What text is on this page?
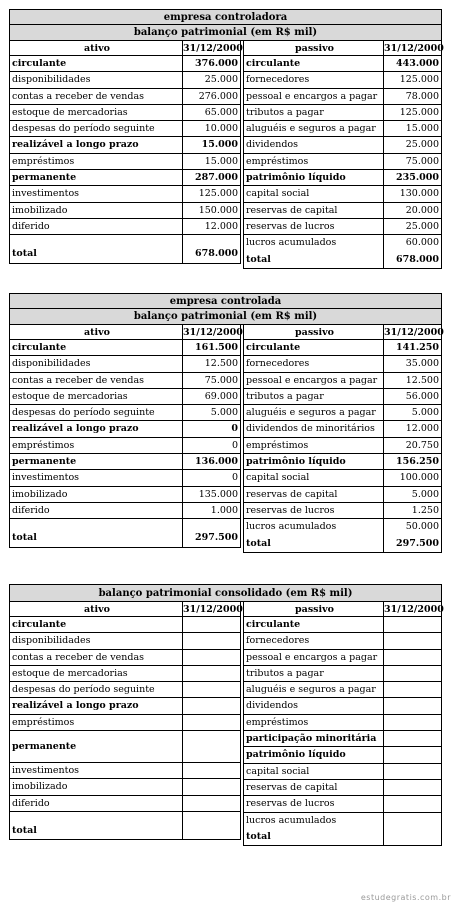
empresa controladora
balanço patrimonial (em R$ mil)
ativo	31/12/2000
circulante	376.000
disponibilidades	25.000
contas a receber de vendas	276.000
estoque de mercadorias	65.000
despesas do período seguinte	10.000
realizável a longo prazo	15.000
empréstimos	15.000
permanente	287.000
investimentos	125.000
imobilizado	150.000
diferido	12.000
total	678.000
passivo	31/12/2000
circulante	443.000
fornecedores	125.000
pessoal e encargos a pagar	78.000
tributos a pagar	125.000
aluguéis e seguros a pagar	15.000
dividendos	25.000
empréstimos	75.000
patrimônio líquido	235.000
capital social	130.000
reservas de capital	20.000
reservas de lucros	25.000
lucros acumulados	60.000
total	678.000
empresa controlada
balanço patrimonial (em R$ mil)
ativo	31/12/2000
circulante	161.500
disponibilidades	12.500
contas a receber de vendas	75.000
estoque de mercadorias	69.000
despesas do período seguinte	5.000
realizável a longo prazo	0
empréstimos	0
permanente	136.000
investimentos	0
imobilizado	135.000
diferido	1.000
total	297.500
passivo	31/12/2000
circulante	141.250
fornecedores	35.000
pessoal e encargos a pagar	12.500
tributos a pagar	56.000
aluguéis e seguros a pagar	5.000
dividendos de minoritários	12.000
empréstimos	20.750
patrimônio líquido	156.250
capital social	100.000
reservas de capital	5.000
reservas de lucros	1.250
lucros acumulados	50.000
total	297.500
balanço patrimonial consolidado (em R$ mil)
ativo	31/12/2000
circulante
disponibilidades
contas a receber de vendas
estoque de mercadorias
despesas do período seguinte
realizável a longo prazo
empréstimos
permanente
investimentos
imobilizado
diferido
total
passivo	31/12/2000
circulante
fornecedores
pessoal e encargos a pagar
tributos a pagar
aluguéis e seguros a pagar
dividendos
empréstimos
participação minoritária
patrimônio líquido
capital social
reservas de capital
reservas de lucros
lucros acumulados
total
estudegratis.com.br
